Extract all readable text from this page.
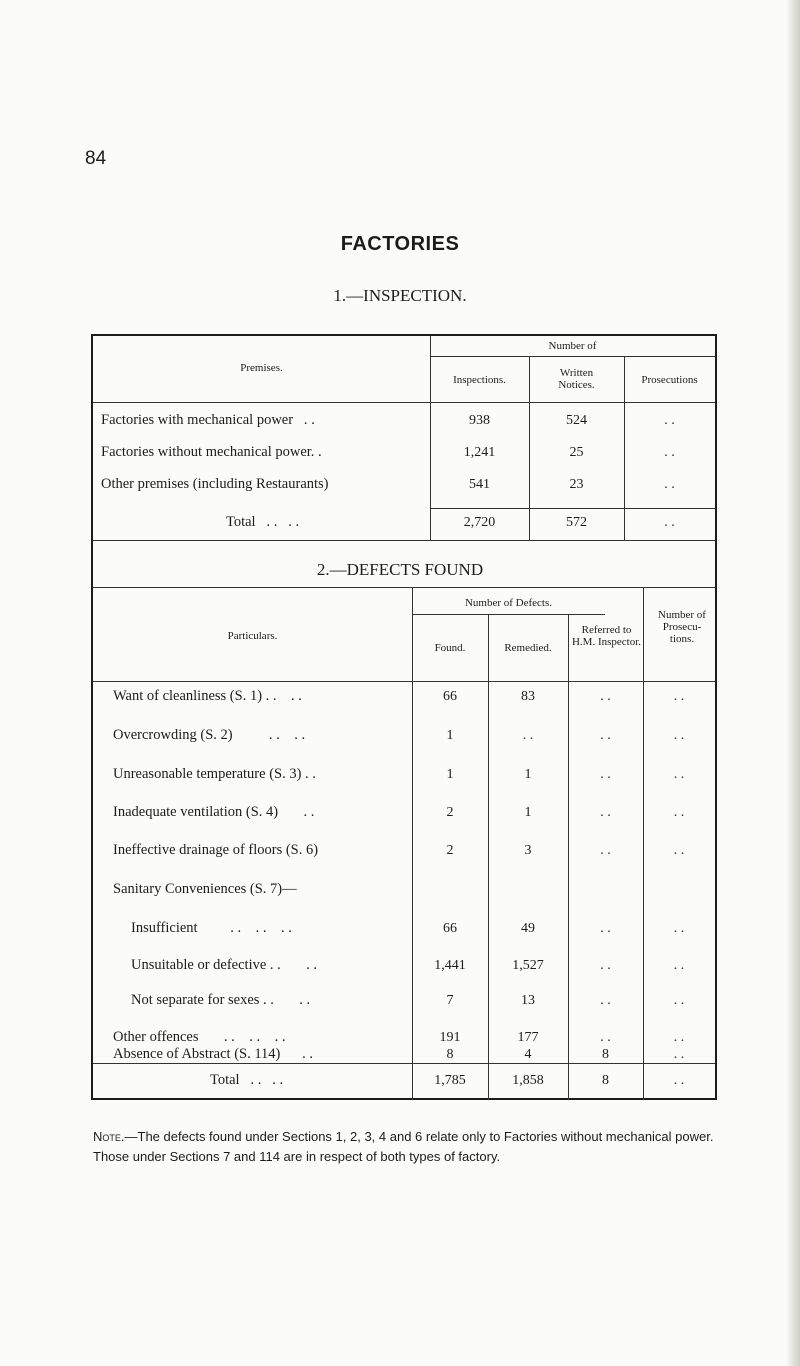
84
FACTORIES
1.—INSPECTION.
Premises.
Number of
Inspections.
Written Notices.	Prosecutions
Factories with mechanical power   . .	938	524	. .
Factories without mechanical power. .	1,241	25	. .
Other premises (including Restaurants)	541	23	. .
Total   . .   . .	2,720	572	. .
2.—DEFECTS FOUND
Particulars.
Number of Defects.
Found.	Remedied.
Referred to H.M. Inspector.
Number of Prosecu- tions.
Want of cleanliness (S. 1) . .    . .	66	83	. .	. .
Overcrowding (S. 2)          . .    . .	1	. .	. .	. .
Unreasonable temperature (S. 3) . .	1	1	. .	. .
Inadequate ventilation (S. 4)       . .	2	1	. .	. .
Ineffective drainage of floors (S. 6)	2	3	. .	. .
Sanitary Conveniences (S. 7)—
Insufficient         . .    . .    . .	66	49	. .	. .
Unsuitable or defective . .       . .	1,441	1,527	. .	. .
Not separate for sexes . .       . .	7	13	. .	. .
Other offences       . .    . .    . .	191	177	. .	. .
Absence of Abstract (S. 114)      . .	8	4	8	. .
Total   . .   . .	1,785	1,858	8	. .
Note.—The defects found under Sections 1, 2, 3, 4 and 6 relate only to Factories without mechanical power. Those under Sections 7 and 114 are in respect of both types of factory.
